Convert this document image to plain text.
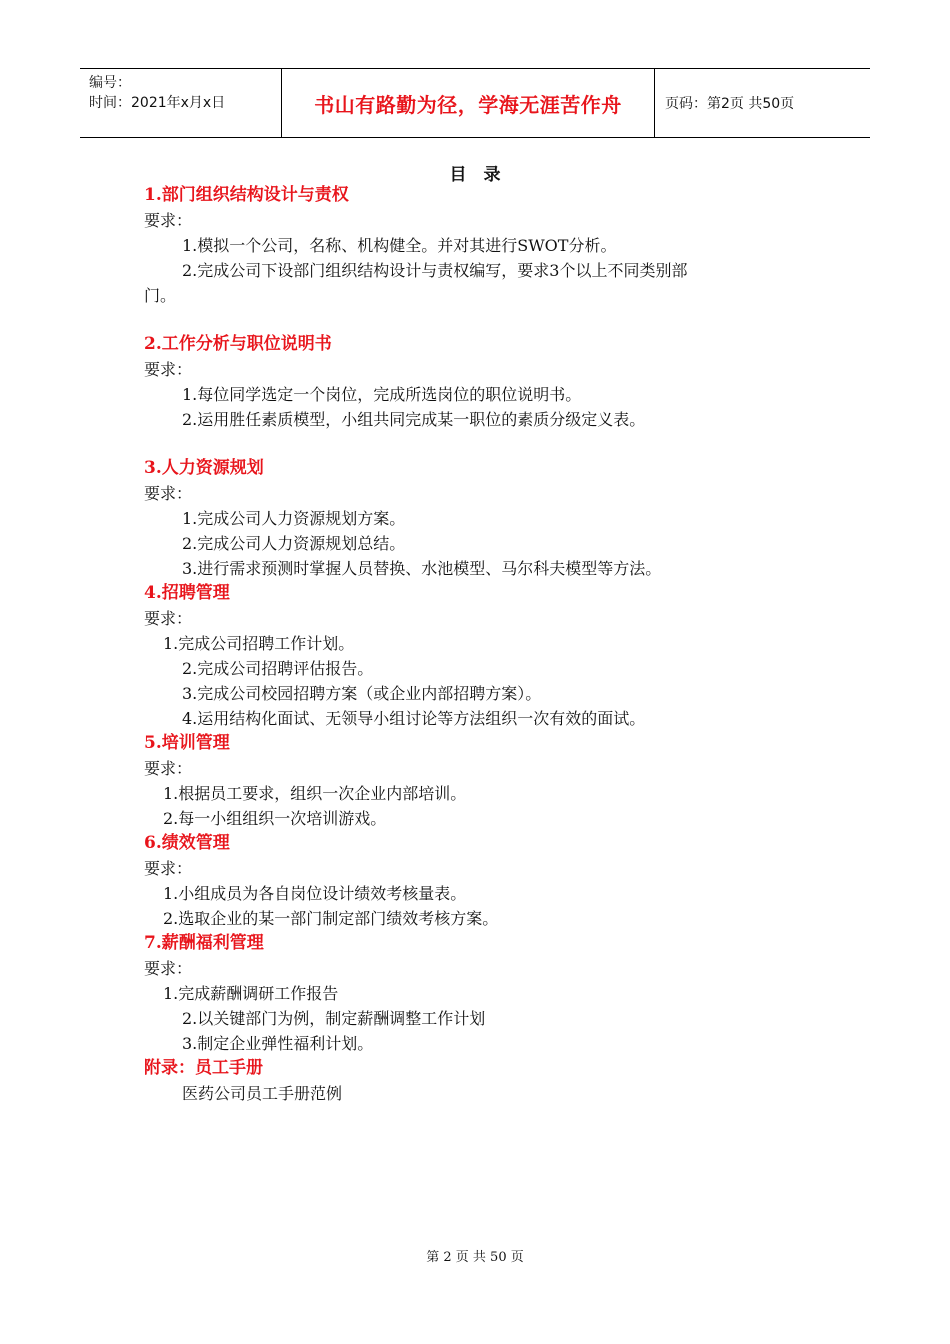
编号：
时间：2021年x月x日	书山有路勤为径，学海无涯苦作舟	页码：第2页 共50页
目　录

1.部门组织结构设计与责权

要求：

1.模拟一个公司，名称、机构健全。并对其进行SWOT分析。

2.完成公司下设部门组织结构设计与责权编写，要求3个以上不同类别部

门。

2.工作分析与职位说明书

要求：

1.每位同学选定一个岗位，完成所选岗位的职位说明书。

2.运用胜任素质模型，小组共同完成某一职位的素质分级定义表。

3.人力资源规划

要求：

1.完成公司人力资源规划方案。

2.完成公司人力资源规划总结。

3.进行需求预测时掌握人员替换、水池模型、马尔科夫模型等方法。

4.招聘管理

要求：

1.完成公司招聘工作计划。

2.完成公司招聘评估报告。

3.完成公司校园招聘方案（或企业内部招聘方案）。

4.运用结构化面试、无领导小组讨论等方法组织一次有效的面试。

5.培训管理

要求：

1.根据员工要求，组织一次企业内部培训。

2.每一小组组织一次培训游戏。

6.绩效管理

要求：

1.小组成员为各自岗位设计绩效考核量表。

2.选取企业的某一部门制定部门绩效考核方案。

7.薪酬福利管理

要求：

1.完成薪酬调研工作报告

2.以关键部门为例，制定薪酬调整工作计划

3.制定企业弹性福利计划。

附录：员工手册

医药公司员工手册范例

第 2 页 共 50 页
